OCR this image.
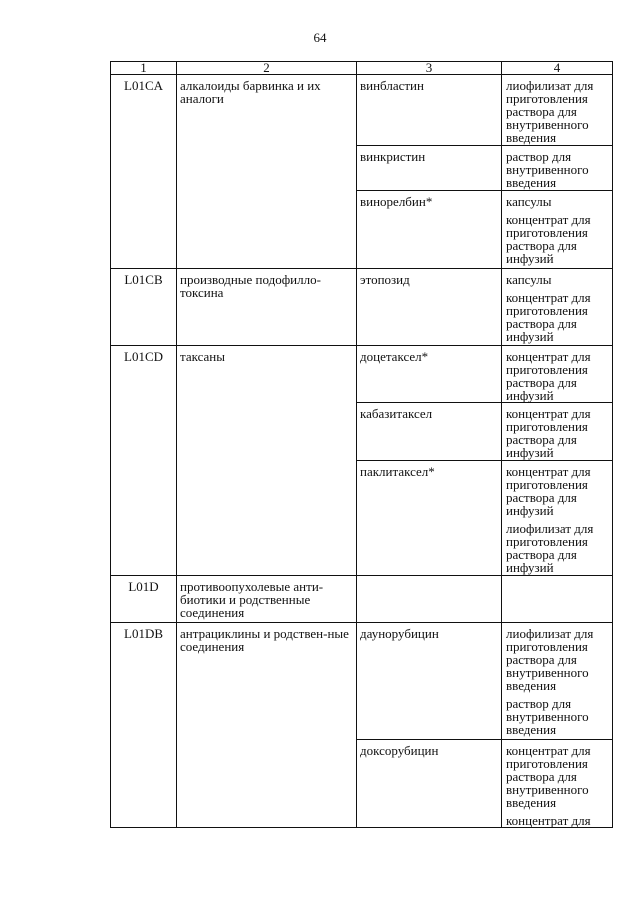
64
1	2	3	4
L01CA	алкалоиды барвинка и их аналоги	винбластин	лиофилизат для приготовления раствора для внутривенного введения

		винкристин	раствор для внутривенного введения

		винорелбин*	капсулы
концентрат для приготовления раствора для инфузий

L01CB	производные подофилло-токсина	этопозид	капсулы
концентрат для приготовления раствора для инфузий

L01CD	таксаны	доцетаксел*	концентрат для приготовления раствора для инфузий

		кабазитаксел	концентрат для приготовления раствора для инфузий

		паклитаксел*	концентрат для приготовления раствора для инфузий
лиофилизат для приготовления раствора для инфузий

L01D	противоопухолевые анти-биотики и родственные соединения		
L01DB	антрациклины и родствен-ные соединения	даунорубицин	лиофилизат для приготовления раствора для внутривенного введения
раствор для внутривенного введения

		доксорубицин	концентрат для приготовления раствора для внутривенного введения
концентрат для
